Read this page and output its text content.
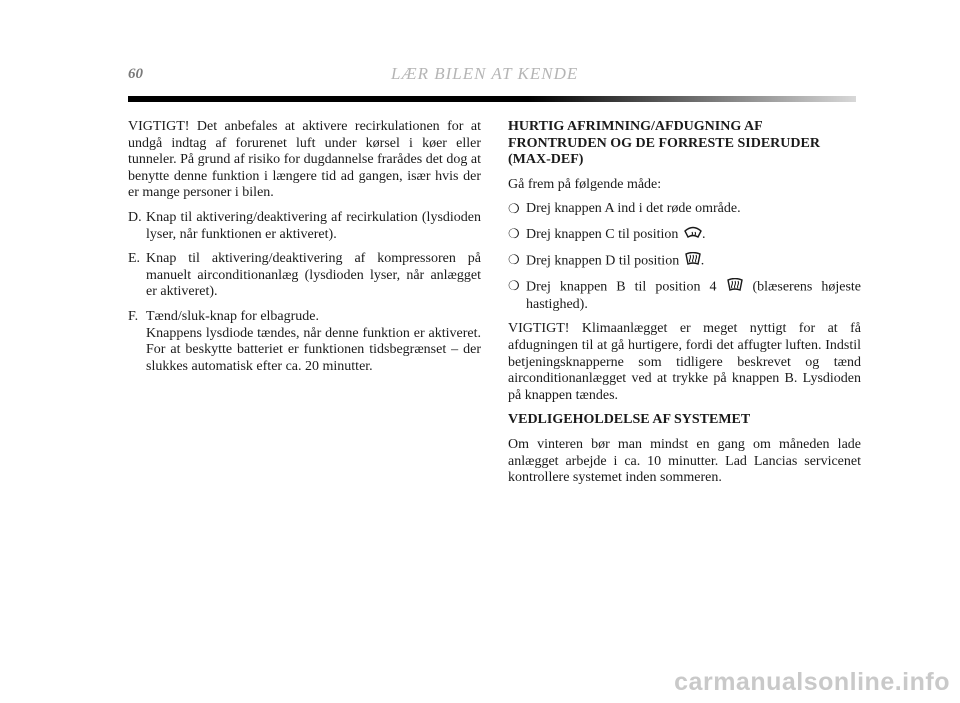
60	LÆR BILEN AT KENDE

VIGTIGT! Det anbefales at aktivere recirkulationen for at undgå indtag af forurenet luft under kørsel i køer eller tunneler. På grund af risiko for dugdannelse frarådes det dog at benytte denne funktion i længere tid ad gangen, især hvis der er mange personer i bilen.

D. Knap til aktivering/deaktivering af recirkulation (lysdioden lyser, når funktionen er aktiveret).
E. Knap til aktivering/deaktivering af kompressoren på manuelt airconditionanlæg (lysdioden lyser, når anlægget er aktiveret).
F. Tænd/sluk-knap for elbagrude.
Knappens lysdiode tændes, når denne funktion er aktiveret. For at beskytte batteriet er funktionen tidsbegrænset – der slukkes automatisk efter ca. 20 minutter.

HURTIG AFRIMNING/AFDUGNING AF FRONTRUDEN OG DE FORRESTE SIDERUDER (MAX-DEF)

Gå frem på følgende måde:

❍ Drej knappen A ind i det røde område.
❍ Drej knappen C til position .
❍ Drej knappen D til position .
❍ Drej knappen B til position 4	(blæserens højeste hastighed).

VIGTIGT! Klimaanlægget er meget nyttigt for at få afdugningen til at gå hurtigere, fordi det affugter luften. Indstil betjeningsknapperne som tidligere beskrevet og tænd airconditionanlægget ved at trykke på knappen B. Lysdioden på knappen tændes.

VEDLIGEHOLDELSE AF SYSTEMET

Om vinteren bør man mindst en gang om måneden lade anlægget arbejde i ca. 10 minutter. Lad Lancias servicenet kontrollere systemet inden sommeren.

carmanualsonline.info
